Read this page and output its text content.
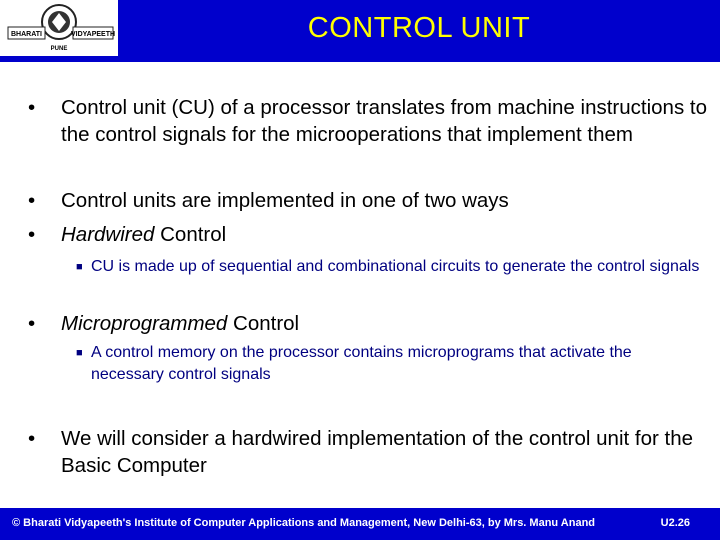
BHARATI	VIDYAPEETH
PUNE
CONTROL UNIT
•	Control unit (CU) of a processor translates from machine instructions to the control signals for the microoperations that implement them
•	Control units are implemented in one of two ways
•	Hardwired Control
■ CU is made up of sequential and combinational circuits to generate the control signals
•	Microprogrammed Control
■ A control memory on the processor contains microprograms that activate the necessary control signals
•	We will consider a hardwired implementation of the control unit for the Basic Computer
© Bharati Vidyapeeth's Institute of Computer Applications and Management, New Delhi-63, by Mrs. Manu Anand	U2.26
